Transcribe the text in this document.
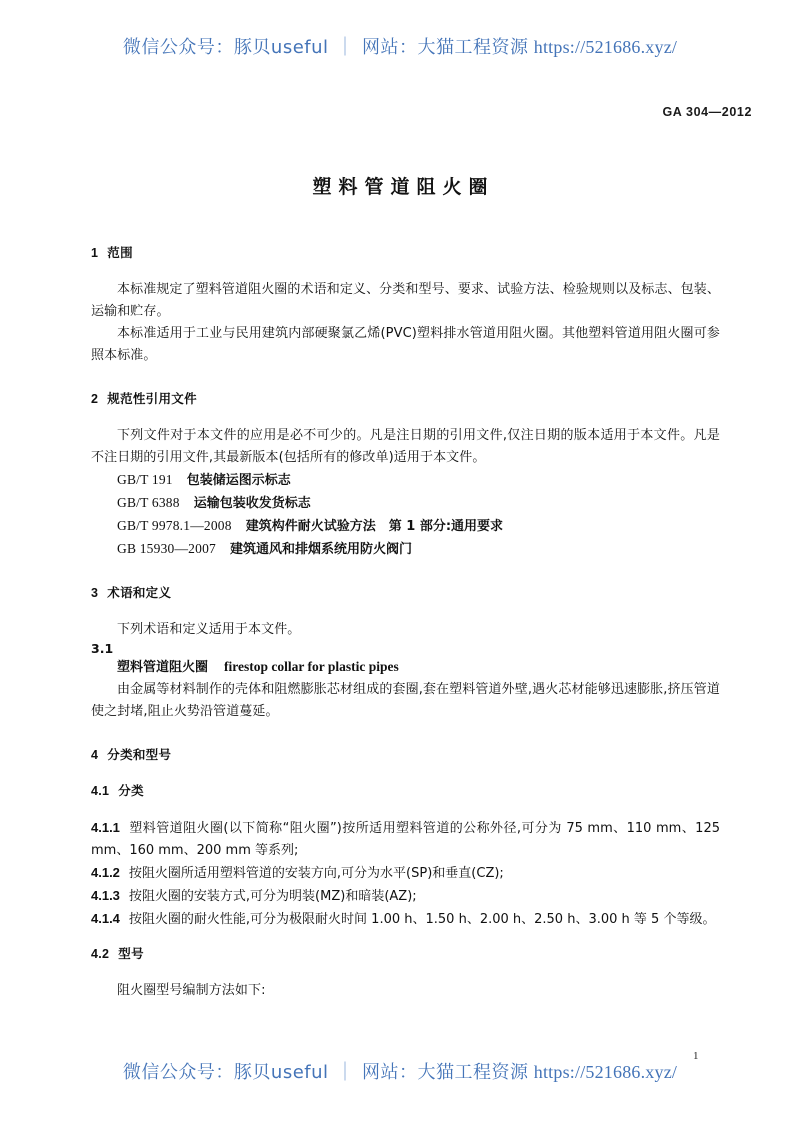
微信公众号：豚贝useful ｜ 网站：大猫工程资源 https://521686.xyz/
GA 304—2012
塑料管道阻火圈
1 范围

本标准规定了塑料管道阻火圈的术语和定义、分类和型号、要求、试验方法、检验规则以及标志、包装、运输和贮存。

本标准适用于工业与民用建筑内部硬聚氯乙烯(PVC)塑料排水管道用阻火圈。其他塑料管道用阻火圈可参照本标准。

2 规范性引用文件

下列文件对于本文件的应用是必不可少的。凡是注日期的引用文件,仅注日期的版本适用于本文件。凡是不注日期的引用文件,其最新版本(包括所有的修改单)适用于本文件。

GB/T 191 包装储运图示标志

GB/T 6388 运输包装收发货标志

GB/T 9978.1—2008 建筑构件耐火试验方法　第 1 部分:通用要求

GB 15930—2007 建筑通风和排烟系统用防火阀门

3 术语和定义

下列术语和定义适用于本文件。

3.1

塑料管道阻火圈 firestop collar for plastic pipes

由金属等材料制作的壳体和阻燃膨胀芯材组成的套圈,套在塑料管道外壁,遇火芯材能够迅速膨胀,挤压管道使之封堵,阻止火势沿管道蔓延。

4 分类和型号
4.1 分类

4.1.1 塑料管道阻火圈(以下简称“阻火圈”)按所适用塑料管道的公称外径,可分为 75 mm、110 mm、125 mm、160 mm、200 mm 等系列;

4.1.2 按阻火圈所适用塑料管道的安装方向,可分为水平(SP)和垂直(CZ);

4.1.3 按阻火圈的安装方式,可分为明装(MZ)和暗装(AZ);

4.1.4 按阻火圈的耐火性能,可分为极限耐火时间 1.00 h、1.50 h、2.00 h、2.50 h、3.00 h 等 5 个等级。

4.2 型号

阻火圈型号编制方法如下:

1
微信公众号：豚贝useful ｜ 网站：大猫工程资源 https://521686.xyz/
